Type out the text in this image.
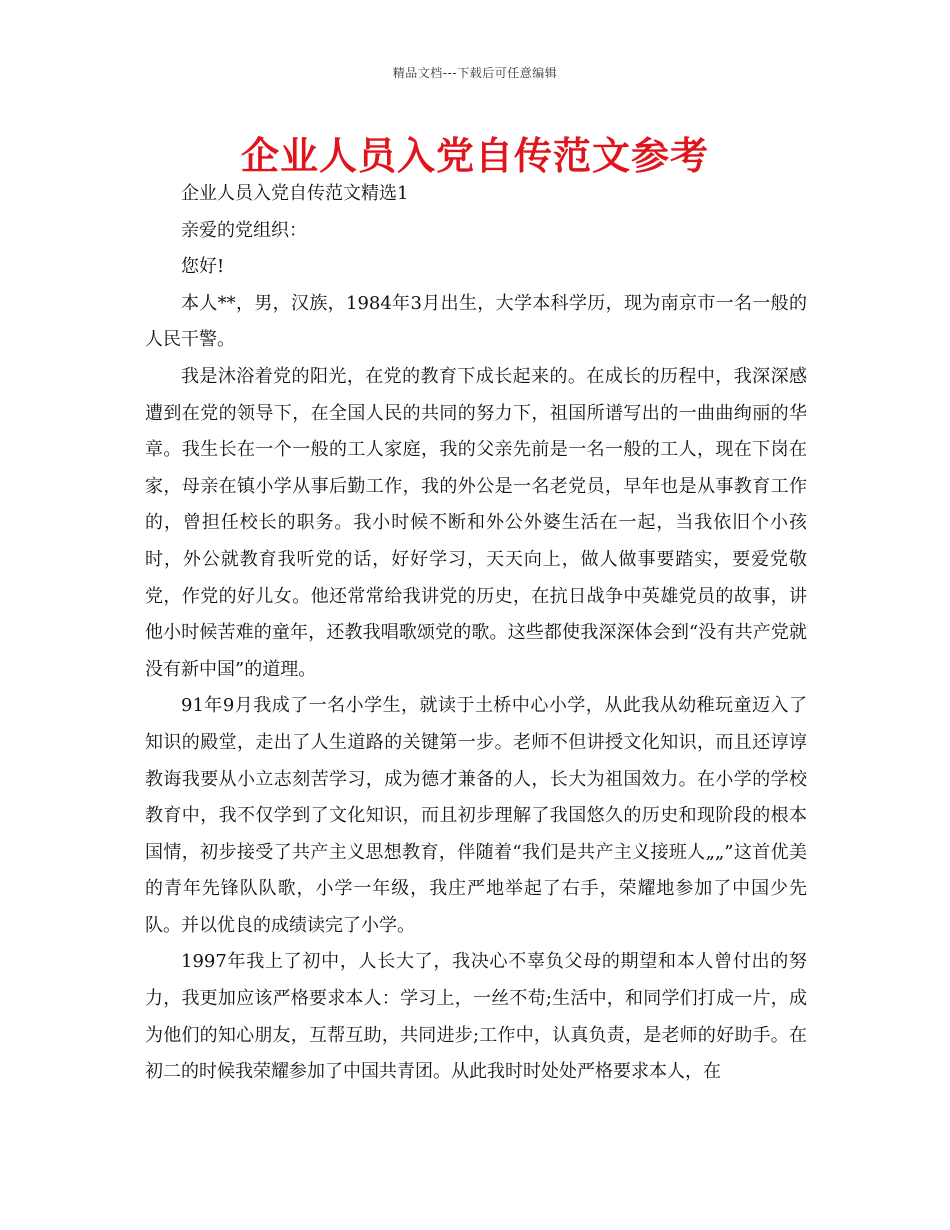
精品文档---下载后可任意编辑
企业人员入党自传范文参考

企业人员入党自传范文精选1

亲爱的党组织：

您好!

本人**，男，汉族，1984年3月出生，大学本科学历，现为南京市一名一般的人民干警。

我是沐浴着党的阳光，在党的教育下成长起来的。在成长的历程中，我深深感遭到在党的领导下，在全国人民的共同的努力下，祖国所谱写出的一曲曲绚丽的华章。我生长在一个一般的工人家庭，我的父亲先前是一名一般的工人，现在下岗在家，母亲在镇小学从事后勤工作，我的外公是一名老党员，早年也是从事教育工作的，曾担任校长的职务。我小时候不断和外公外婆生活在一起，当我依旧个小孩时，外公就教育我听党的话，好好学习，天天向上，做人做事要踏实，要爱党敬党，作党的好儿女。他还常常给我讲党的历史，在抗日战争中英雄党员的故事，讲他小时候苦难的童年，还教我唱歌颂党的歌。这些都使我深深体会到“没有共产党就没有新中国”的道理。

91年9月我成了一名小学生，就读于土桥中心小学，从此我从幼稚玩童迈入了知识的殿堂，走出了人生道路的关键第一步。老师不但讲授文化知识，而且还谆谆教诲我要从小立志刻苦学习，成为德才兼备的人，长大为祖国效力。在小学的学校教育中，我不仅学到了文化知识，而且初步理解了我国悠久的历史和现阶段的根本国情，初步接受了共产主义思想教育，伴随着“我们是共产主义接班人„„”这首优美的青年先锋队队歌，小学一年级，我庄严地举起了右手，荣耀地参加了中国少先队。并以优良的成绩读完了小学。

1997年我上了初中，人长大了，我决心不辜负父母的期望和本人曾付出的努力，我更加应该严格要求本人：学习上，一丝不苟;生活中，和同学们打成一片，成为他们的知心朋友，互帮互助，共同进步;工作中，认真负责，是老师的好助手。在初二的时候我荣耀参加了中国共青团。从此我时时处处严格要求本人，在
